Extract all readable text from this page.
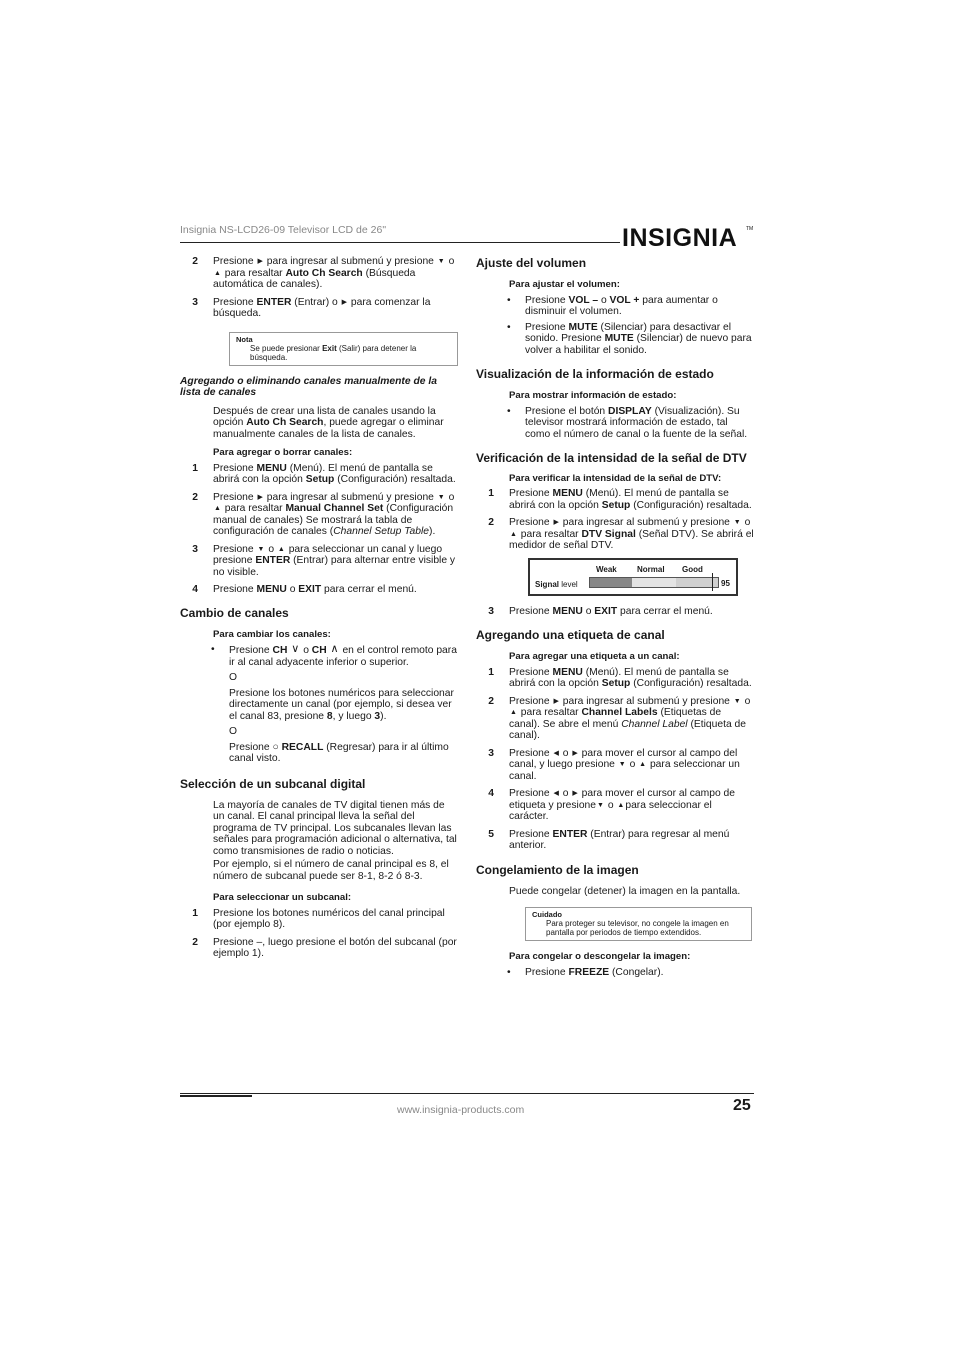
Insignia NS-LCD26-09 Televisor LCD de 26"	INSIGNIA TM
2	Presione ▶ para ingresar al submenú y presione ▼ o ▲ para resaltar Auto Ch Search (Búsqueda automática de canales).
3	Presione ENTER (Entrar) o ▶ para comenzar la búsqueda.
Nota
Se puede presionar Exit (Salir) para detener la búsqueda.
Agregando o eliminando canales manualmente de la lista de canales
Después de crear una lista de canales usando la opción Auto Ch Search, puede agregar o eliminar manualmente canales de la lista de canales.
Para agregar o borrar canales:
1	Presione MENU (Menú). El menú de pantalla se abrirá con la opción Setup (Configuración) resaltada.
2	Presione ▶ para ingresar al submenú y presione ▼ o ▲ para resaltar Manual Channel Set (Configuración manual de canales) Se mostrará la tabla de configuración de canales (Channel Setup Table).
3	Presione ▼ o ▲ para seleccionar un canal y luego presione ENTER (Entrar) para alternar entre visible y no visible.
4	Presione MENU o EXIT para cerrar el menú.
Cambio de canales
Para cambiar los canales:
•	Presione CH ∨ o CH ∧ en el control remoto para ir al canal adyacente inferior o superior.
O
Presione los botones numéricos para seleccionar directamente un canal (por ejemplo, si desea ver el canal 83, presione 8, y luego 3).
O
Presione ○ RECALL (Regresar) para ir al último canal visto.
Selección de un subcanal digital
La mayoría de canales de TV digital tienen más de un canal. El canal principal lleva la señal del programa de TV principal. Los subcanales llevan las señales para programación adicional o alternativa, tal como transmisiones de radio o noticias.
Por ejemplo, si el número de canal principal es 8, el número de subcanal puede ser 8-1, 8-2 ó 8-3.
Para seleccionar un subcanal:
1	Presione los botones numéricos del canal principal (por ejemplo 8).
2	Presione –, luego presione el botón del subcanal (por ejemplo 1).
Ajuste del volumen
Para ajustar el volumen:
•	Presione VOL – o VOL + para aumentar o disminuir el volumen.
•	Presione MUTE (Silenciar) para desactivar el sonido. Presione MUTE (Silenciar) de nuevo para volver a habilitar el sonido.
Visualización de la información de estado
Para mostrar información de estado:
•	Presione el botón DISPLAY (Visualización). Su televisor mostrará información de estado, tal como el número de canal o la fuente de la señal.
Verificación de la intensidad de la señal de DTV
Para verificar la intensidad de la señal de DTV:
1	Presione MENU (Menú). El menú de pantalla se abrirá con la opción Setup (Configuración) resaltada.
2	Presione ▶ para ingresar al submenú y presione ▼ o ▲ para resaltar DTV Signal (Señal DTV). Se abrirá el medidor de señal DTV.
Weak	Normal Good
Signal level	95
3	Presione MENU o EXIT para cerrar el menú.
Agregando una etiqueta de canal
Para agregar una etiqueta a un canal:
1	Presione MENU (Menú). El menú de pantalla se abrirá con la opción Setup (Configuración) resaltada.
2	Presione ▶ para ingresar al submenú y presione ▼ o ▲ para resaltar Channel Labels (Etiquetas de canal). Se abre el menú Channel Label (Etiqueta de canal).
3	Presione ◀ o ▶ para mover el cursor al campo del canal, y luego presione ▼ o ▲ para seleccionar un canal.
4	Presione ◀ o ▶ para mover el cursor al campo de etiqueta y presione▼ o ▲para seleccionar el carácter.
5	Presione ENTER (Entrar) para regresar al menú anterior.
Congelamiento de la imagen
Puede congelar (detener) la imagen en la pantalla.
Cuidado
Para proteger su televisor, no congele la imagen en pantalla por periodos de tiempo extendidos.
Para congelar o descongelar la imagen:
•	Presione FREEZE (Congelar).
www.insignia-products.com	25
